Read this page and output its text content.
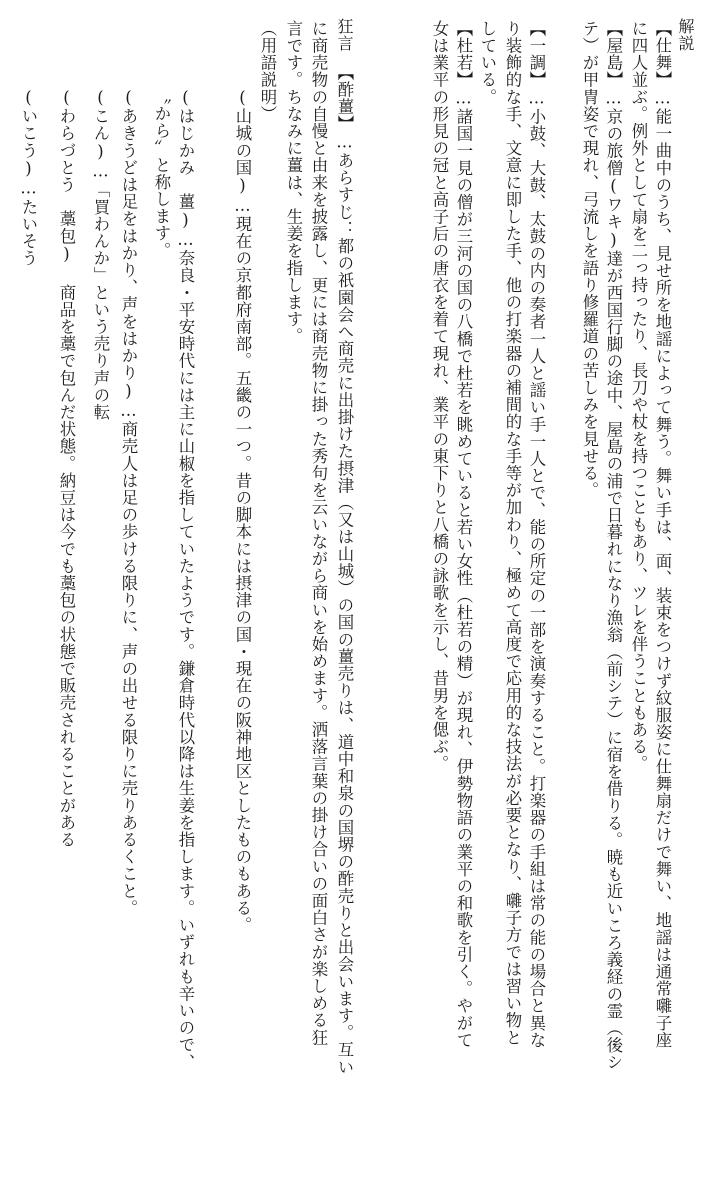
解説
【仕舞】…能一曲中のうち、見せ所を地謡によって舞う。舞い手は、面、装束をつけず紋服姿に仕舞扇だけで舞い、地謡は通常囃子座
に四人並ぶ。例外として扇を二っ持ったり、長刀や杖を持つこともあり、ツレを伴うこともある。
【屋島】…京の旅僧(ワキ)達が西国行脚の途中、屋島の浦で日暮れになり漁翁（前シテ）に宿を借りる。暁も近いころ義経の霊（後シ
テ）が甲冑姿で現れ、弓流しを語り修羅道の苦しみを見せる。
【一調】…小鼓、大鼓、太鼓の内の奏者一人と謡い手一人とで、能の所定の一部を演奏すること。打楽器の手組は常の能の場合と異な
り装飾的な手、文意に即した手、他の打楽器の補間的な手等が加わり、極めて高度で応用的な技法が必要となり、囃子方では習い物と
している。
【杜若】…諸国一見の僧が三河の国の八橋で杜若を眺めていると若い女性（杜若の精）が現れ、伊勢物語の業平の和歌を引く。やがて
女は業平の形見の冠と高子后の唐衣を着て現れ、業平の東下りと八橋の詠歌を示し、昔男を偲ぶ。
狂言
【酢薑】…あらすじ：都の祇園会へ商売に出掛けた摂津（又は山城）の国の薑売りは、道中和泉の国堺の酢売りと出会います。互い
に商売物の自慢と由来を披露し、更には商売物に掛った秀句を云いながら商いを始めます。洒落言葉の掛け合いの面白さが楽しめる狂
言です。ちなみに薑は、生姜を指します。
（用語説明）
(山城の国)…現在の京都府南部。五畿の一つ。昔の脚本には摂津の国・現在の阪神地区としたものもある。
(はじかみ　薑)…奈良・平安時代には主に山椒を指していたようです。鎌倉時代以降は生姜を指します。いずれも辛いので、
〝から〟と称します。
(あきうどは足をはかり、声をはかり)…商売人は足の歩ける限りに、声の出せる限りに売りあるくこと。
(こん)…「買わんか」という売り声の転
(わらづとう　藁包) 商品を藁で包んだ状態。納豆は今でも藁包の状態で販売されることがある
(いこう)…たいそう
